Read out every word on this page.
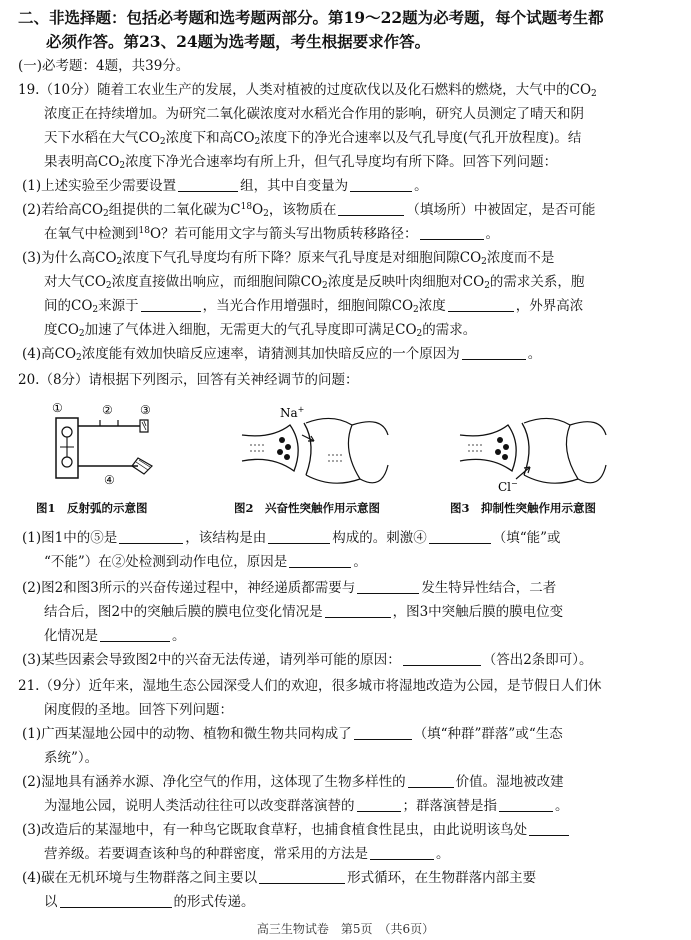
二、非选择题：包括必考题和选考题两部分。第19～22题为必考题，每个试题考生都
必须作答。第23、24题为选考题，考生根据要求作答。
(一)必考题：4题，共39分。
19.（10分）随着工农业生产的发展，人类对植被的过度砍伐以及化石燃料的燃烧，大气中的$CO_2$
浓度正在持续增加。为研究二氧化碳浓度对水稻光合作用的影响，研究人员测定了晴天和阴
天下水稻在大气$CO_2$浓度下和高$CO_2$浓度下的净光合速率以及气孔导度(气孔开放程度)。结
果表明高$CO_2$浓度下净光合速率均有所上升，但气孔导度均有所下降。回答下列问题：
(1)上述实验至少需要设置	组，其中自变量为	。
(2)若给高$CO_2$组提供的二氧化碳为$C^{18}O_2$，该物质在	（填场所）中被固定，是否可能
在氧气中检测到$^{18}$O？若可能用文字与箭头写出物质转移路径：	。
(3)为什么高$CO_2$浓度下气孔导度均有所下降？原来气孔导度是对细胞间隙$CO_2$浓度而不是
对大气$CO_2$浓度直接做出响应，而细胞间隙$CO_2$浓度是反映叶肉细胞对$CO_2$的需求关系，胞
间的$CO_2$来源于	，当光合作用增强时，细胞间隙$CO_2$浓度	，外界高浓
度$CO_2$加速了气体进入细胞，无需更大的气孔导度即可满足$CO_2$的需求。
(4)高$CO_2$浓度能有效加快暗反应速率，请猜测其加快暗反应的一个原因为	。
20.（8分）请根据下列图示，回答有关神经调节的问题：
①	② ③
④
图1　反射弧的示意图
Na+
图2　兴奋性突触作用示意图
Cl−
图3　抑制性突触作用示意图
(1)图1中的⑤是	，该结构是由	构成的。刺激④	（填“能”或
“不能”）在②处检测到动作电位，原因是	。
(2)图2和图3所示的兴奋传递过程中，神经递质都需要与	发生特异性结合，二者
结合后，图2中的突触后膜的膜电位变化情况是	，图3中突触后膜的膜电位变
化情况是	。
(3)某些因素会导致图2中的兴奋无法传递，请列举可能的原因：	（答出2条即可）。
21.（9分）近年来，湿地生态公园深受人们的欢迎，很多城市将湿地改造为公园，是节假日人们休
闲度假的圣地。回答下列问题：
(1)广西某湿地公园中的动物、植物和微生物共同构成了	（填“种群”群落”或“生态
系统”）。
(2)湿地具有涵养水源、净化空气的作用，这体现了生物多样性的	价值。湿地被改建
为湿地公园，说明人类活动往往可以改变群落演替的	；群落演替是指	。
(3)改造后的某湿地中，有一种鸟它既取食草籽，也捕食植食性昆虫，由此说明该鸟处
营养级。若要调查该种鸟的种群密度，常采用的方法是	。
(4)碳在无机环境与生物群落之间主要以	形式循环，在生物群落内部主要
以	的形式传递。
高三生物试卷　第5页　（共6页）
